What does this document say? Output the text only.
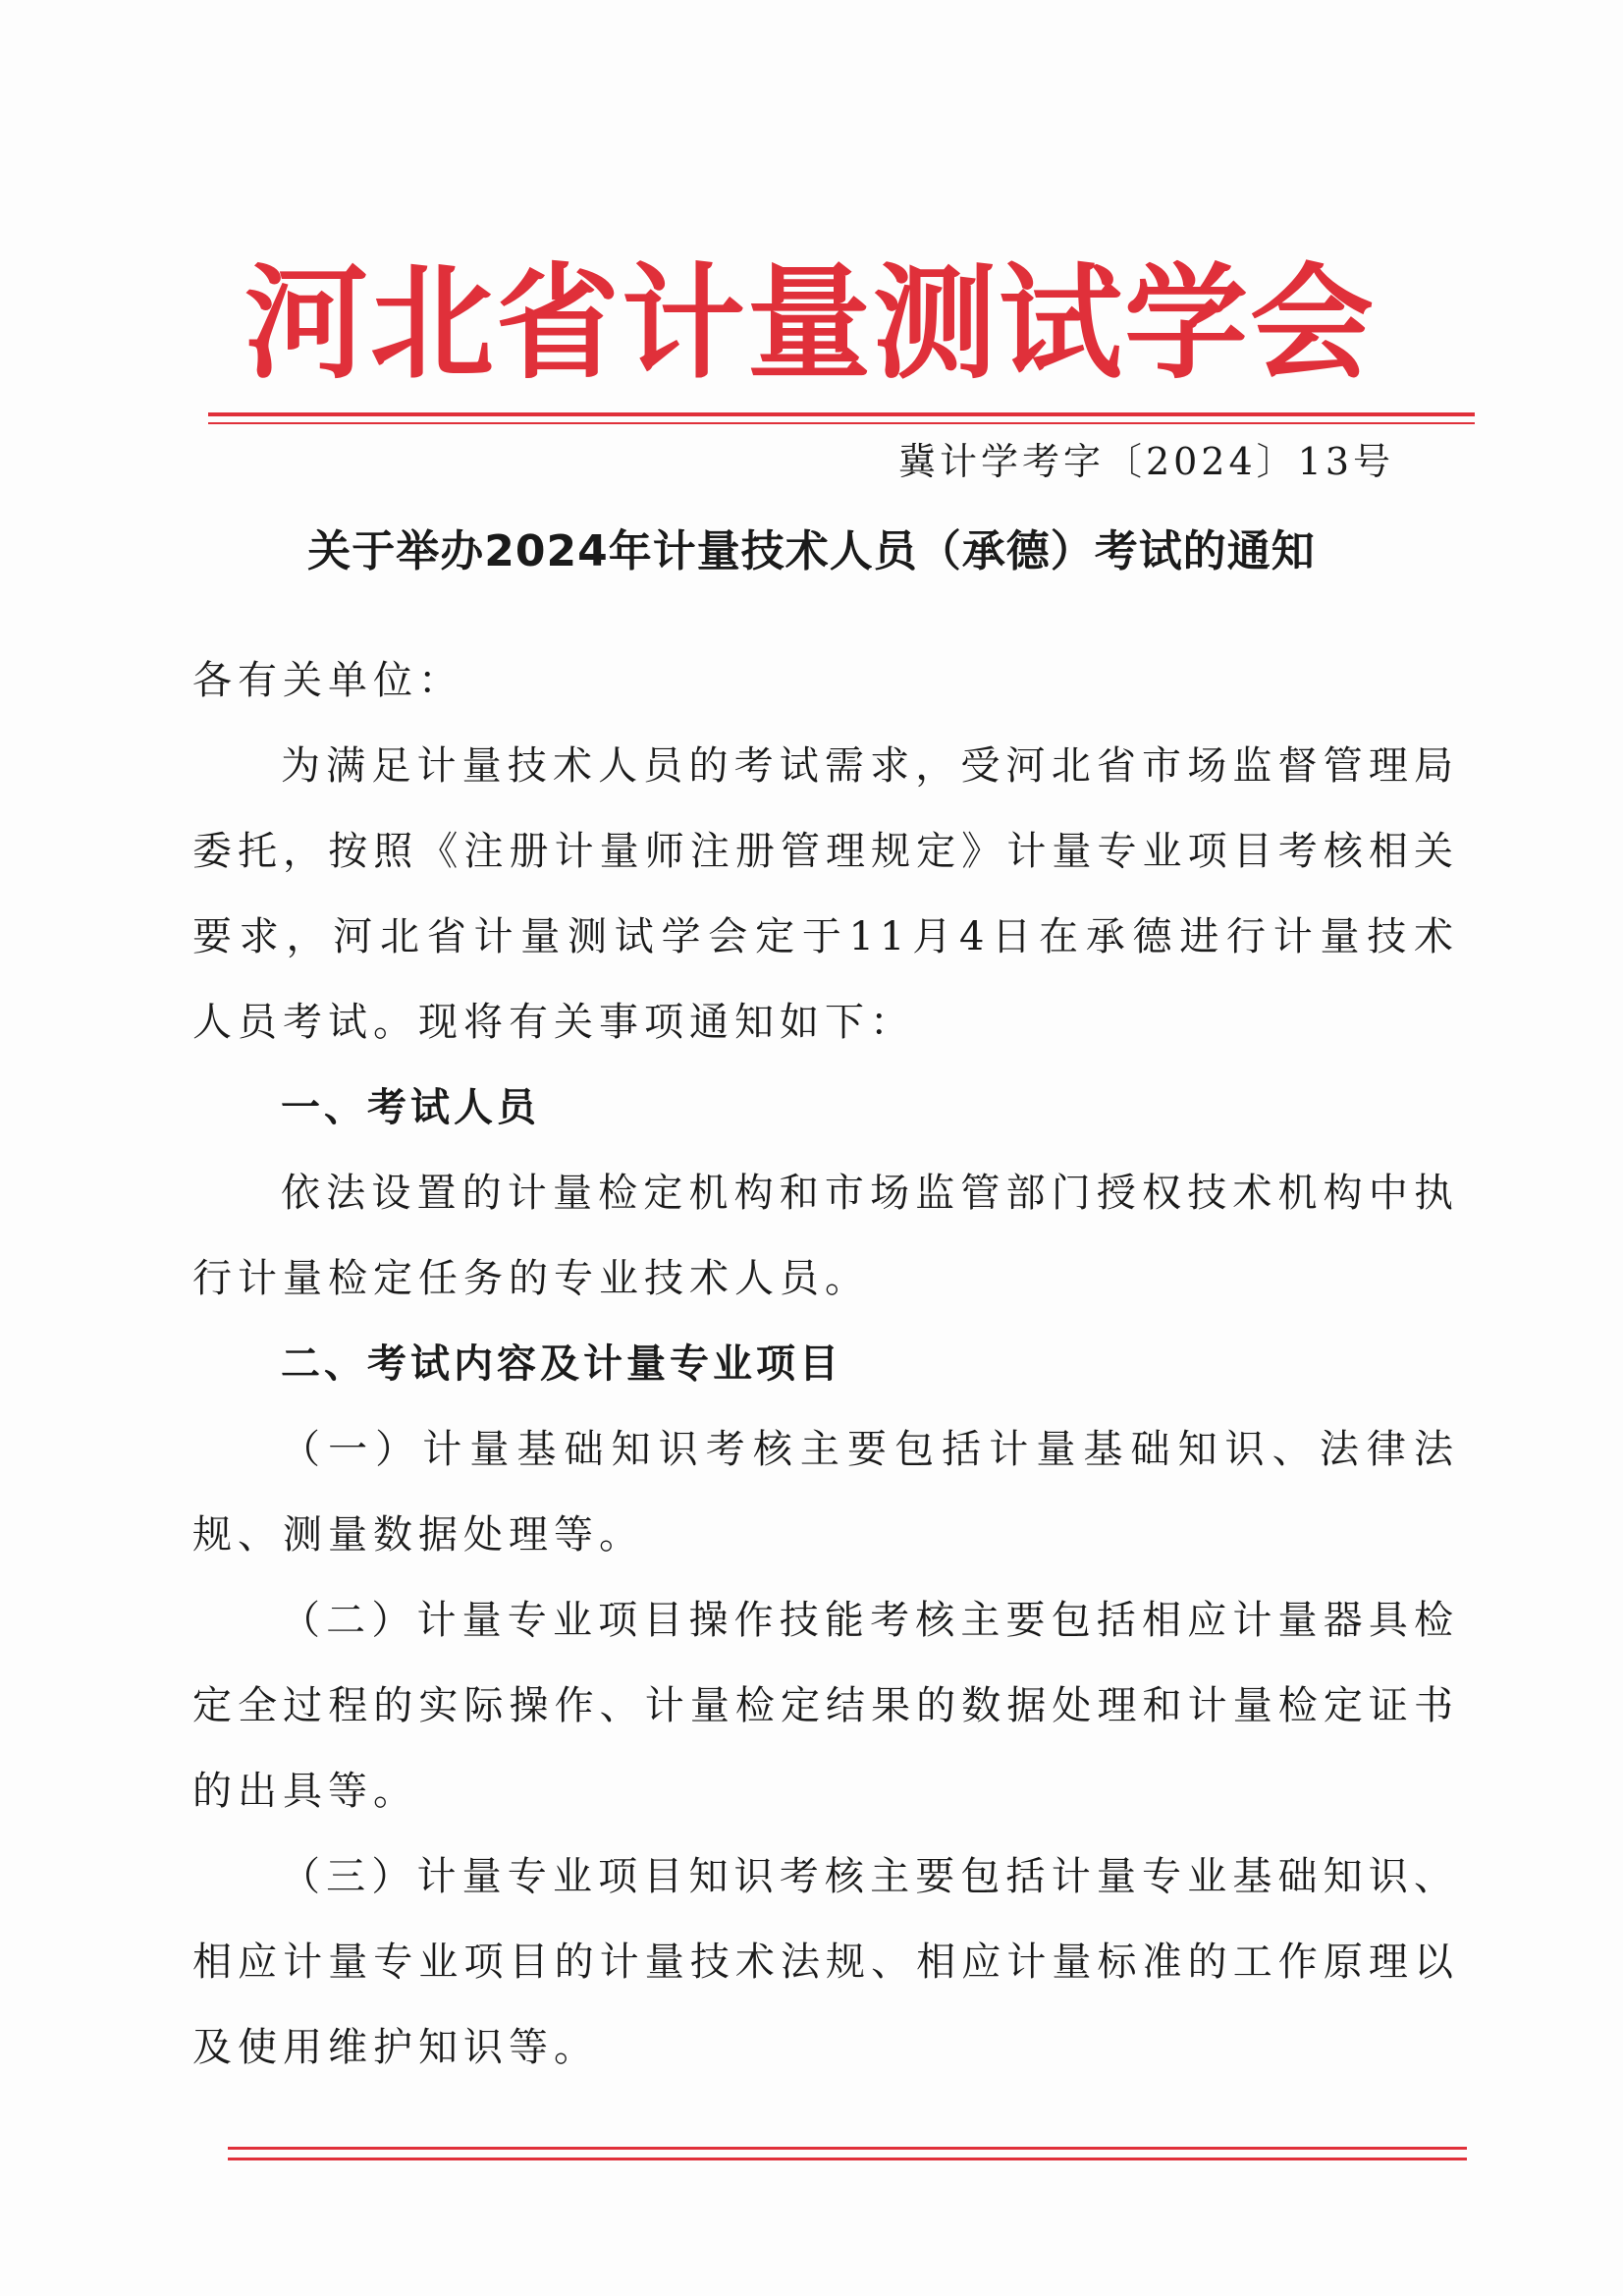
河北省计量测试学会
冀计学考字〔2024〕13号
关于举办2024年计量技术人员（承德）考试的通知

各有关单位：

为满足计量技术人员的考试需求，受河北省市场监督管理局委托，按照《注册计量师注册管理规定》计量专业项目考核相关要求，河北省计量测试学会定于11月4日在承德进行计量技术人员考试。现将有关事项通知如下：

一、考试人员

依法设置的计量检定机构和市场监管部门授权技术机构中执行计量检定任务的专业技术人员。

二、考试内容及计量专业项目

（一）计量基础知识考核主要包括计量基础知识、法律法规、测量数据处理等。

（二）计量专业项目操作技能考核主要包括相应计量器具检定全过程的实际操作、计量检定结果的数据处理和计量检定证书的出具等。

（三）计量专业项目知识考核主要包括计量专业基础知识、相应计量专业项目的计量技术法规、相应计量标准的工作原理以及使用维护知识等。
